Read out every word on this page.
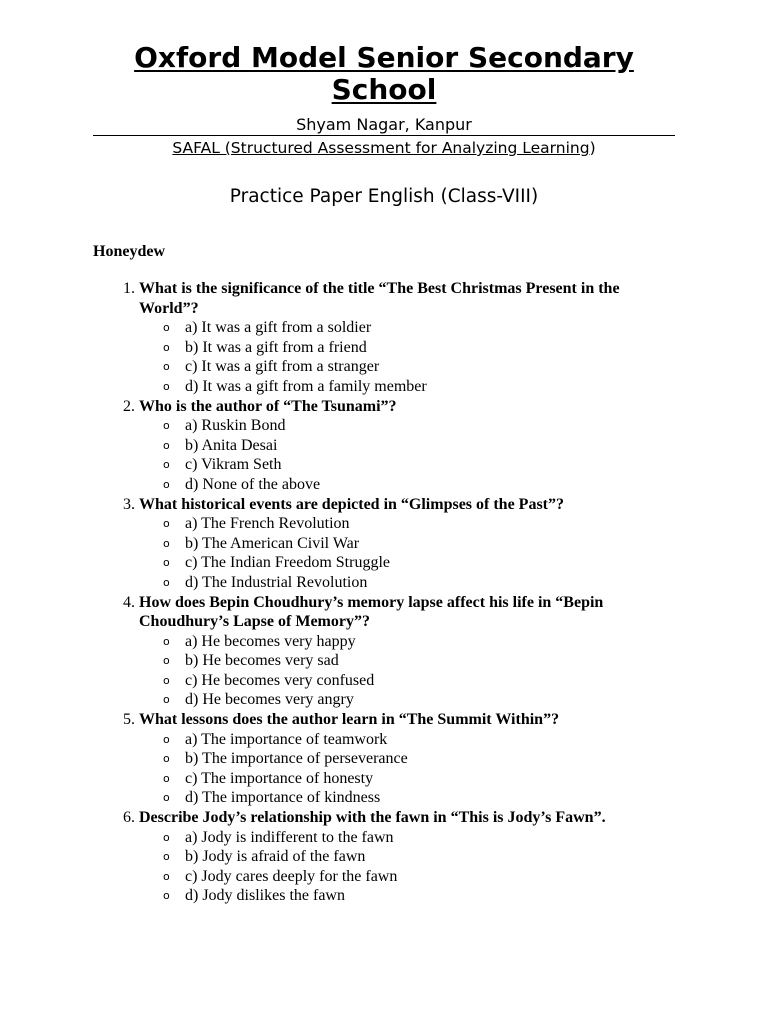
Oxford Model Senior Secondary School
Shyam Nagar, Kanpur
SAFAL (Structured Assessment for Analyzing Learning)
Practice Paper English (Class-VIII)
Honeydew
1. What is the significance of the title “The Best Christmas Present in the World”?
o a) It was a gift from a soldier
o b) It was a gift from a friend
o c) It was a gift from a stranger
o d) It was a gift from a family member
2. Who is the author of “The Tsunami”?
o a) Ruskin Bond
o b) Anita Desai
o c) Vikram Seth
o d) None of the above
3. What historical events are depicted in “Glimpses of the Past”?
o a) The French Revolution
o b) The American Civil War
o c) The Indian Freedom Struggle
o d) The Industrial Revolution
4. How does Bepin Choudhury’s memory lapse affect his life in “Bepin Choudhury’s Lapse of Memory”?
o a) He becomes very happy
o b) He becomes very sad
o c) He becomes very confused
o d) He becomes very angry
5. What lessons does the author learn in “The Summit Within”?
o a) The importance of teamwork
o b) The importance of perseverance
o c) The importance of honesty
o d) The importance of kindness
6. Describe Jody’s relationship with the fawn in “This is Jody’s Fawn”.
o a) Jody is indifferent to the fawn
o b) Jody is afraid of the fawn
o c) Jody cares deeply for the fawn
o d) Jody dislikes the fawn
